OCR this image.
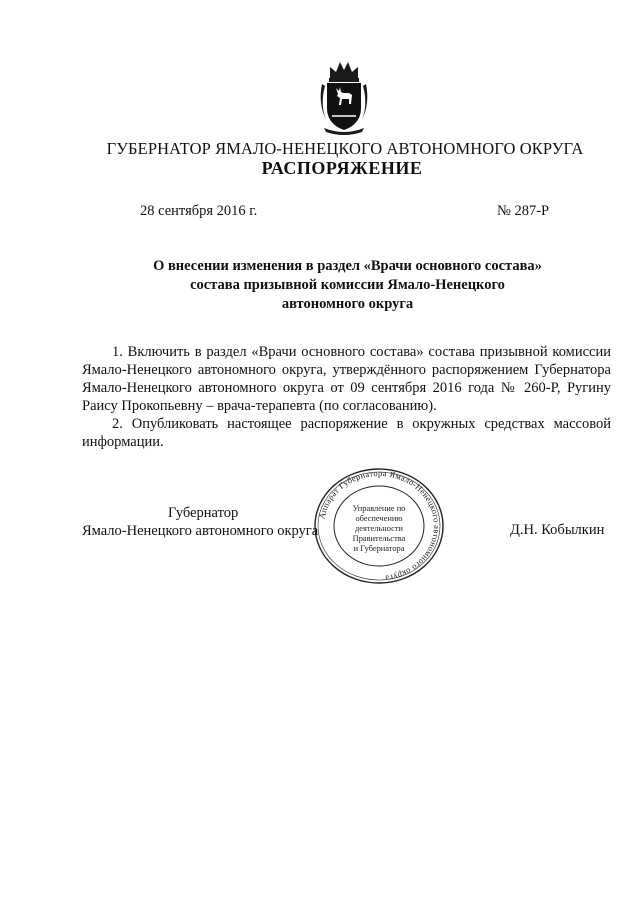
ГУБЕРНАТОР ЯМАЛО-НЕНЕЦКОГО АВТОНОМНОГО ОКРУГА
РАСПОРЯЖЕНИЕ
28 сентября 2016 г.	№ 287-Р
О внесении изменения в раздел «Врачи основного состава»
состава призывной комиссии Ямало-Ненецкого
автономного округа

1. Включить в раздел «Врачи основного состава» состава призывной комиссии Ямало-Ненецкого автономного округа, утверждённого распоряжением Губернатора Ямало-Ненецкого автономного округа от 09 сентября 2016 года № 260-Р, Ругину Раису Прокопьевну – врача-терапевта (по согласованию).

2. Опубликовать настоящее распоряжение в окружных средствах массовой информации.

Аппарат Губернатора Ямало-Ненецкого автономного округа
Управление по
обеспечению
деятельности
Правительства
и Губернатора
Губернатор
Ямало-Ненецкого автономного округа	Д.Н. Кобылкин
